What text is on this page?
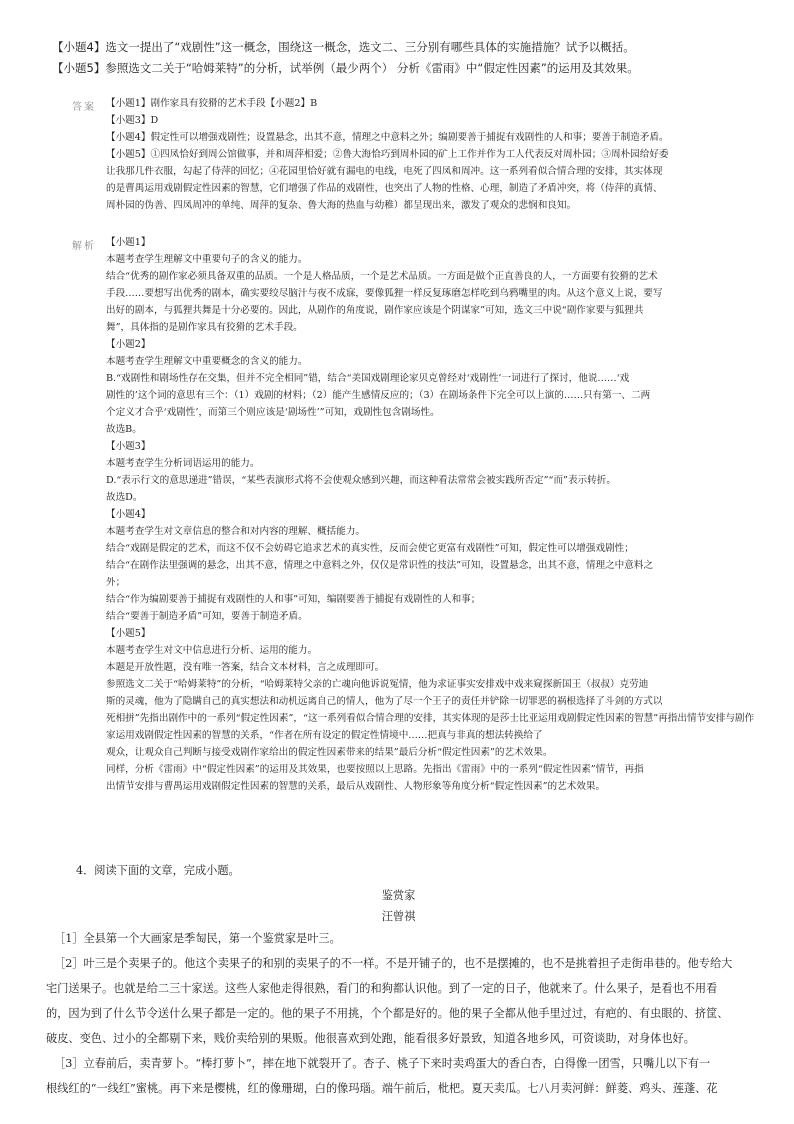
【小题4】选文一提出了“戏剧性”这一概念，围绕这一概念，选文二、三分别有哪些具体的实施措施？试予以概括。
【小题5】参照选文二关于“哈姆莱特”的分析，试举例（最少两个） 分析《雷雨》中“假定性因素”的运用及其效果。
答案 【小题1】剧作家具有狡猾的艺术手段【小题2】B
【小题3】D
【小题4】假定性可以增强戏剧性；设置悬念，出其不意，情理之中意料之外；编剧要善于捕捉有戏剧性的人和事；要善于制造矛盾。
【小题5】①四凤恰好到周公馆做事，并和周萍相爱；②鲁大海恰巧到周朴园的矿上工作并作为工人代表反对周朴园；③周朴园给好委
让我那几件衣服，勾起了侍萍的回忆；④花园里恰好就有漏电的电线，电死了四凤和周冲。这一系列看似合情合理的安排，其实体现
的是曹禺运用戏剧假定性因素的智慧，它们增强了作品的戏剧性，也突出了人物的性格、心理，制造了矛盾冲突，将（侍萍的真情、
周朴园的伪善、四凤周冲的单纯、周萍的复杂、鲁大海的热血与幼稚）都呈现出来，激发了观众的悲悯和良知。
解析 【小题1】
本题考查学生理解文中重要句子的含义的能力。
结合“优秀的剧作家必须具备双重的品质。一个是人格品质，一个是艺术品质。一方面是做个正直善良的人，一方面要有狡猾的艺术
手段……要想写出优秀的剧本，确实要绞尽脑汁与夜不成寐，要像狐狸一样反复琢磨怎样吃到乌鸦嘴里的肉。从这个意义上说，要写
出好的剧本，与狐狸共舞是十分必要的。因此，从剧作的角度说，剧作家应该是个阴谋家”可知，选文三中说“剧作家要与狐狸共
舞”，具体指的是剧作家具有狡猾的艺术手段。
【小题2】
本题考查学生理解文中重要概念的含义的能力。
B.“戏剧性和剧场性存在交集，但并不完全相同”错，结合“美国戏剧理论家贝克曾经对‘戏剧性’一词进行了探讨，他说……‘戏
剧性的’这个词的意思有三个：（1）戏剧的材料；（2）能产生感情反应的；（3）在剧场条件下完全可以上演的……只有第一、二两
个定义才合乎‘戏剧性’，而第三个则应该是‘剧场性’”可知，戏剧性包含剧场性。
故选B。
【小题3】
本题考查学生分析词语运用的能力。
D.“表示行文的意思递进”错误，“某些表演形式将不会使观众感到兴趣，而这种看法常常会被实践所否定”“而”表示转折。
故选D。
【小题4】
本题考查学生对文章信息的整合和对内容的理解、概括能力。
结合“戏剧是假定的艺术，而这不仅不会妨碍它追求艺术的真实性，反而会使它更富有戏剧性”可知，假定性可以增强戏剧性；
结合“在剧作法里强调的悬念，出其不意，情理之中意料之外，仅仅是常识性的技法”可知，设置悬念，出其不意，情理之中意料之
外；
结合“作为编剧要善于捕捉有戏剧性的人和事”可知，编剧要善于捕捉有戏剧性的人和事；
结合“要善于制造矛盾”可知，要善于制造矛盾。
【小题5】
本题考查学生对文中信息进行分析、运用的能力。
本题是开放性题，没有唯一答案，结合文本材料，言之成理即可。
参照选文二关于“哈姆莱特”的分析，“哈姆莱特父亲的亡魂向他诉说冤情，他为求证事实安排戏中戏来窥探新国王（叔叔）克劳迪
斯的灵魂，他为了隐瞒自己的真实想法和动机远离自己的情人，他为了尽一个王子的责任并铲除一切罪恶的祸根选择了斗剑的方式以
死相拼”先指出剧作中的一系列“假定性因素”，“这一系列看似合情合理的安排，其实体现的是莎士比亚运用戏剧假定性因素的智慧”再指出情节安排与剧作家运用戏剧假定性因素的智慧的关系，“作者在所有设定的假定性情境中……把真与非真的想法转换给了
观众，让观众自己判断与接受戏剧作家给出的假定性因素带来的结果”最后分析“假定性因素”的艺术效果。
同样，分析《雷雨》中“假定性因素”的运用及其效果，也要按照以上思路。先指出《雷雨》中的一系列“假定性因素”情节，再指
出情节安排与曹禺运用戏剧假定性因素的智慧的关系，最后从戏剧性、人物形象等角度分析“假定性因素”的艺术效果。
4．阅读下面的文章，完成小题。
鉴赏家
汪曾祺
［1］全县第一个大画家是季匋民，第一个鉴赏家是叶三。
［2］叶三是个卖果子的。他这个卖果子的和别的卖果子的不一样。不是开铺子的，也不是摆摊的，也不是挑着担子走街串巷的。他专给大
宅门送果子。也就是给二三十家送。这些人家他走得很熟，看门的和狗都认识他。到了一定的日子，他就来了。什么果子，是看也不用看
的，因为到了什么节令送什么果子都是一定的。他的果子不用挑，个个都是好的。他的果子全都从他手里过过，有疤的、有虫眼的、挤筐、
破皮、变色、过小的全都剔下来，贱价卖给别的果贩。他很喜欢到处跑，能看很多好景致，知道各地乡风，可资谈助，对身体也好。
［3］立春前后，卖青萝卜。“棒打萝卜”，摔在地下就裂开了。杏子、桃子下来时卖鸡蛋大的香白杏，白得像一团雪，只嘴儿以下有一
根线红的“一线红”蜜桃。再下来是樱桃，红的像珊瑚，白的像玛瑙。端午前后，枇杷。夏天卖瓜。七八月卖河鲜：鲜菱、鸡头、莲蓬、花
